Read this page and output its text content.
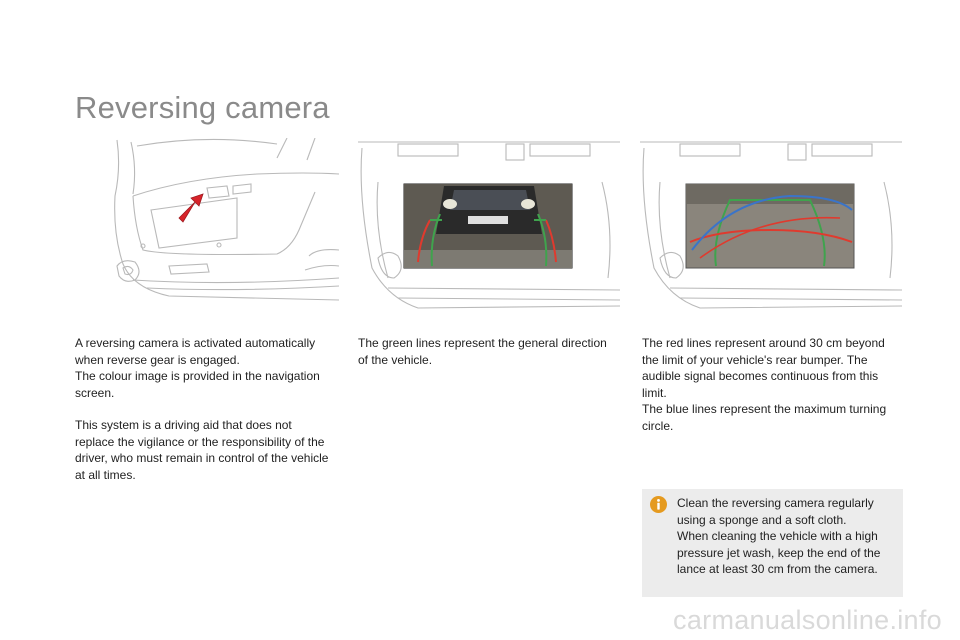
Reversing camera

A reversing camera is activated automatically
when reverse gear is engaged.
The colour image is provided in the navigation
screen.

This system is a driving aid that does not
replace the vigilance or the responsibility of the
driver, who must remain in control of the vehicle
at all times.

The green lines represent the general direction
of the vehicle.

The red lines represent around 30 cm beyond
the limit of your vehicle's rear bumper. The
audible signal becomes continuous from this
limit.
The blue lines represent the maximum turning
circle.

Clean the reversing camera regularly
using a sponge and a soft cloth.
When cleaning the vehicle with a high
pressure jet wash, keep the end of the
lance at least 30 cm from the camera.
carmanualsonline.info
